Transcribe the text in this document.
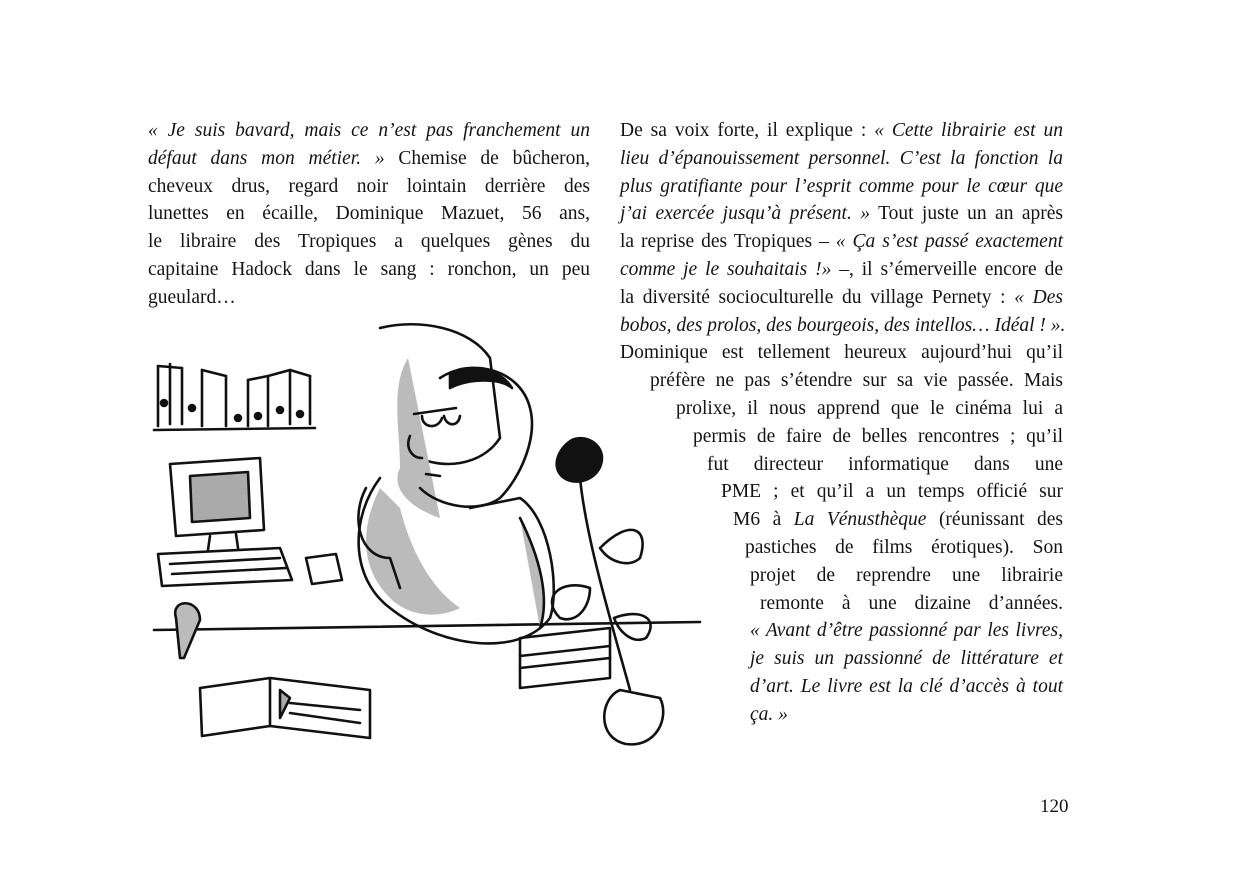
« Je suis bavard, mais ce n’est pas franchement un
défaut dans mon métier. » Chemise de bûcheron,
cheveux drus, regard noir lointain derrière des
lunettes en écaille, Dominique Mazuet, 56 ans,
le libraire des Tropiques a quelques gènes du
capitaine Hadock dans le sang : ronchon, un peu
gueulard…
De sa voix forte, il explique : « Cette librairie est un
lieu d’épanouissement personnel. C’est la fonction la
plus gratifiante pour l’esprit comme pour le cœur que
j’ai exercée jusqu’à présent. » Tout juste un an après
la reprise des Tropiques – « Ça s’est passé exactement
comme je le souhaitais !» –, il s’émerveille encore de
la diversité socioculturelle du village Pernety : « Des
bobos, des prolos, des bourgeois, des intellos… Idéal ! ».
Dominique est tellement heureux aujourd’hui qu’il
préfère ne pas s’étendre sur sa vie passée. Mais
prolixe, il nous apprend que le cinéma lui a
permis de faire de belles rencontres ; qu’il
fut directeur informatique dans une
PME ; et qu’il a un temps officié sur
M6 à La Vénusthèque (réunissant des
pastiches de films érotiques). Son
projet de reprendre une librairie
remonte à une dizaine d’années.
« Avant d’être passionné par les livres,
je suis un passionné de littérature et
d’art. Le livre est la clé d’accès à tout
ça. »
120
